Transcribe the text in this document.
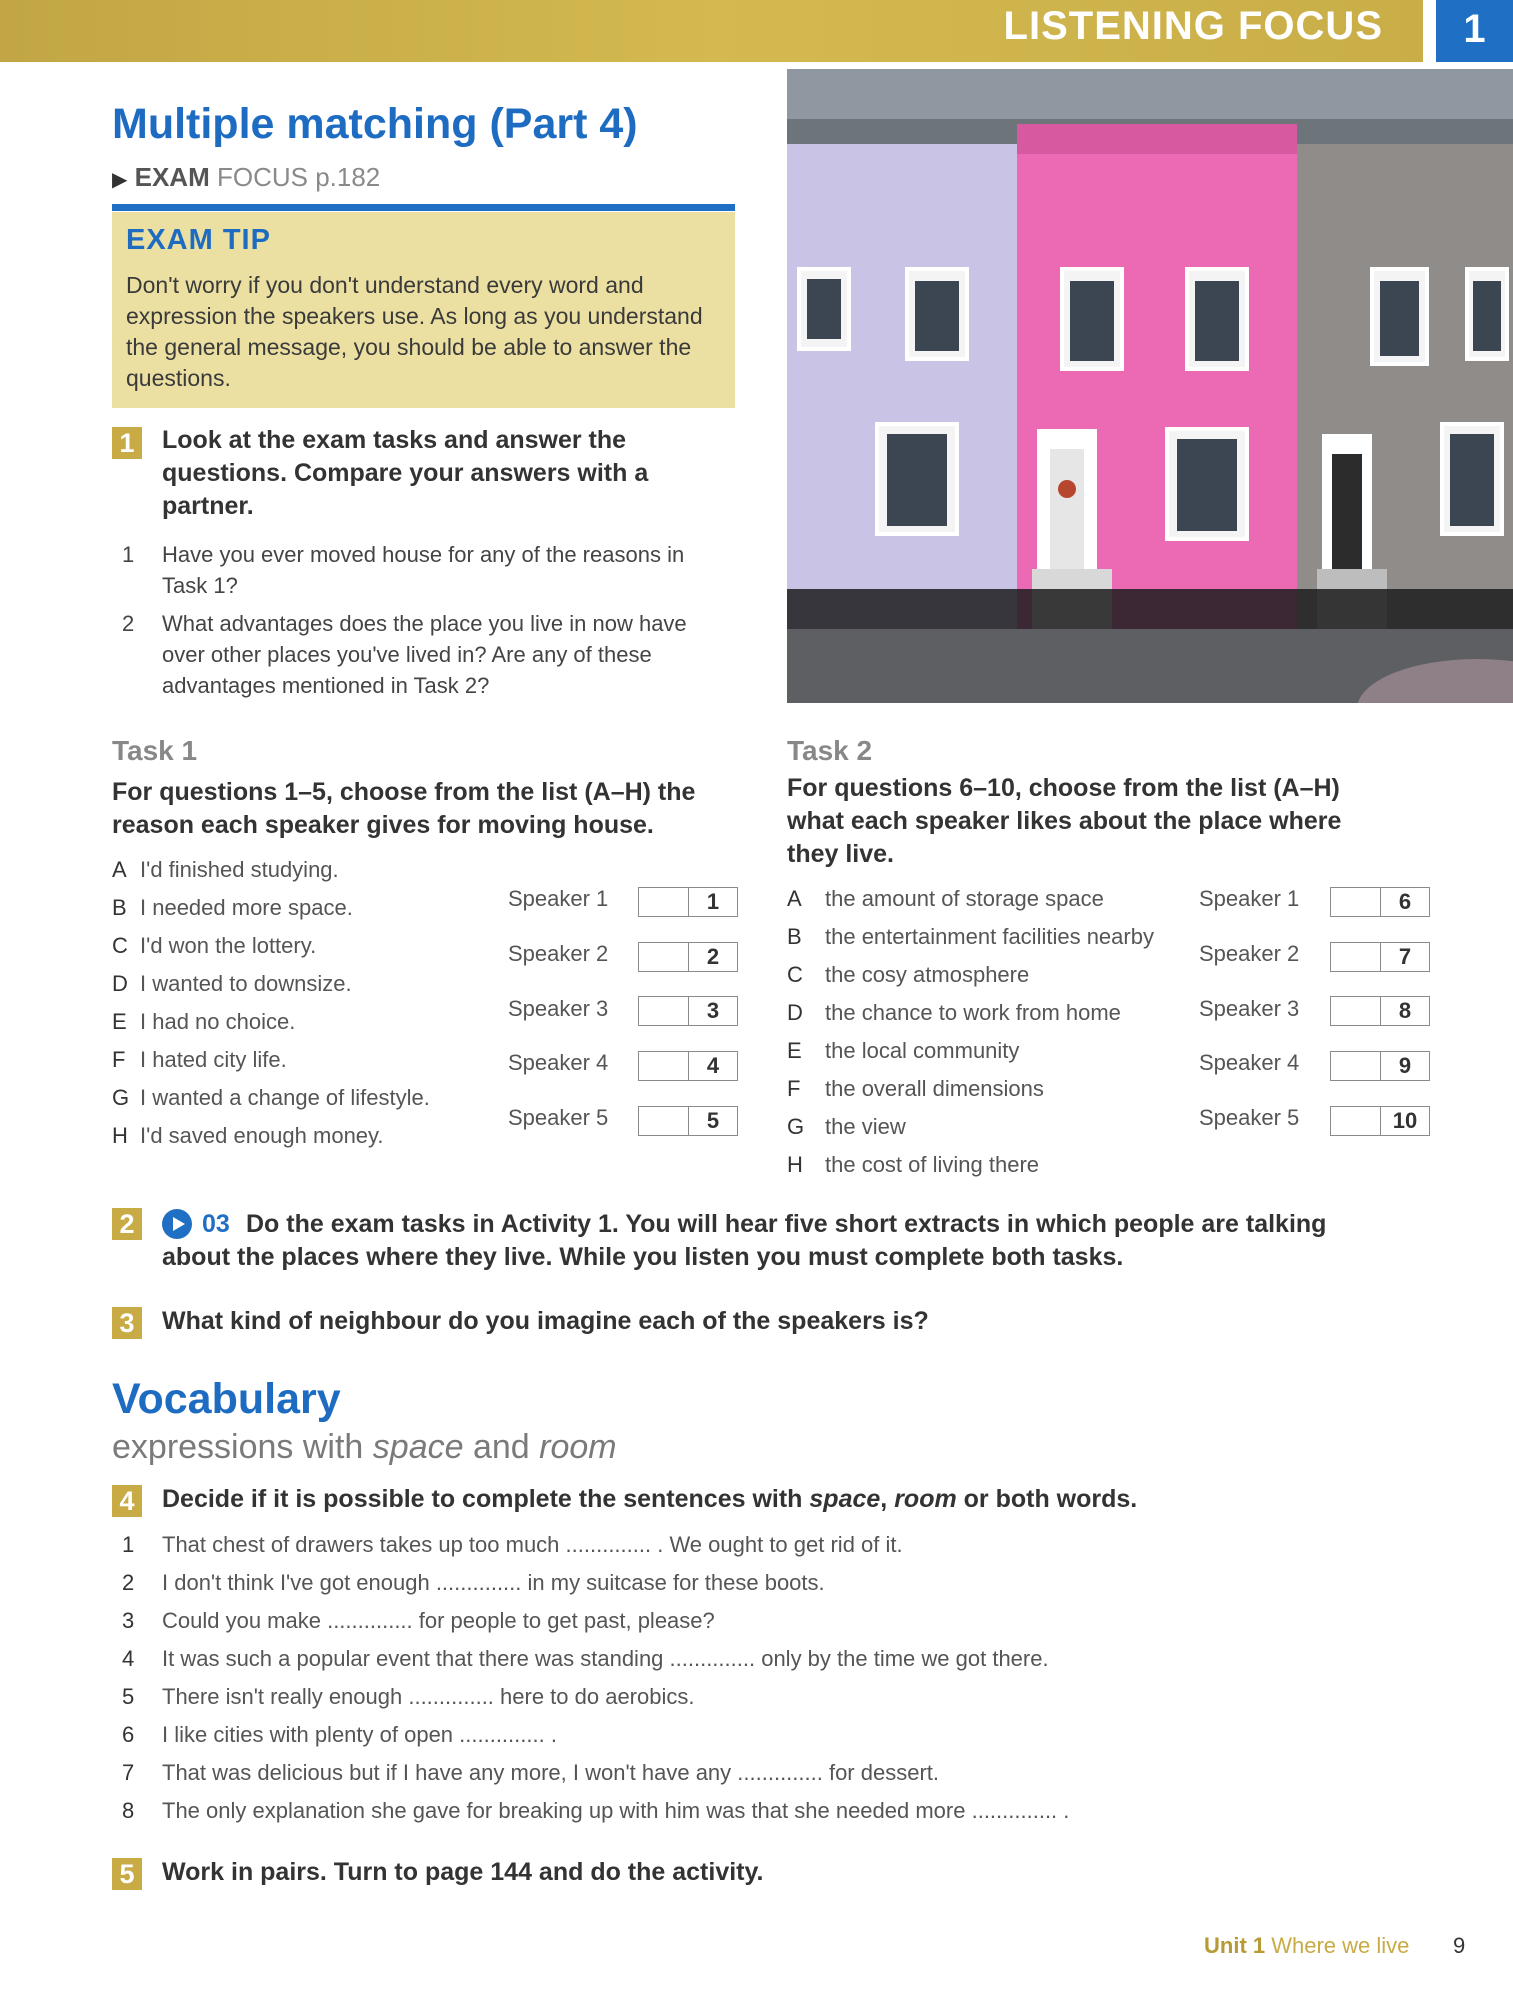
LISTENING FOCUS	1
Multiple matching (Part 4)
▶ EXAM FOCUS p.182
EXAM TIP
Don't worry if you don't understand every word and expression the speakers use. As long as you understand the general message, you should be able to answer the questions.
1 Look at the exam tasks and answer the questions. Compare your answers with a partner.
1 Have you ever moved house for any of the reasons in Task 1?
2 What advantages does the place you live in now have over other places you've lived in? Are any of these advantages mentioned in Task 2?
Task 1
For questions 1–5, choose from the list (A–H) the reason each speaker gives for moving house.
A I'd finished studying.
B I needed more space.
C I'd won the lottery.
D I wanted to downsize.
E I had no choice.
F I hated city life.
G I wanted a change of lifestyle.
H I'd saved enough money.
Speaker 1	1
Speaker 2	2
Speaker 3	3
Speaker 4	4
Speaker 5	5
Task 2
For questions 6–10, choose from the list (A–H) what each speaker likes about the place where they live.
A the amount of storage space
B the entertainment facilities nearby
C the cosy atmosphere
D the chance to work from home
E the local community
F the overall dimensions
G the view
H the cost of living there
Speaker 1	6
Speaker 2	7
Speaker 3	8
Speaker 4	9
Speaker 5	10
2	03 Do the exam tasks in Activity 1. You will hear five short extracts in which people are talking about the places where they live. While you listen you must complete both tasks.
3 What kind of neighbour do you imagine each of the speakers is?
Vocabulary
expressions with space and room
4 Decide if it is possible to complete the sentences with space, room or both words.
1 That chest of drawers takes up too much .............. . We ought to get rid of it.
2 I don't think I've got enough .............. in my suitcase for these boots.
3 Could you make .............. for people to get past, please?
4 It was such a popular event that there was standing .............. only by the time we got there.
5 There isn't really enough .............. here to do aerobics.
6 I like cities with plenty of open .............. .
7 That was delicious but if I have any more, I won't have any .............. for dessert.
8 The only explanation she gave for breaking up with him was that she needed more .............. .
5 Work in pairs. Turn to page 144 and do the activity.
Unit 1 Where we live 9
